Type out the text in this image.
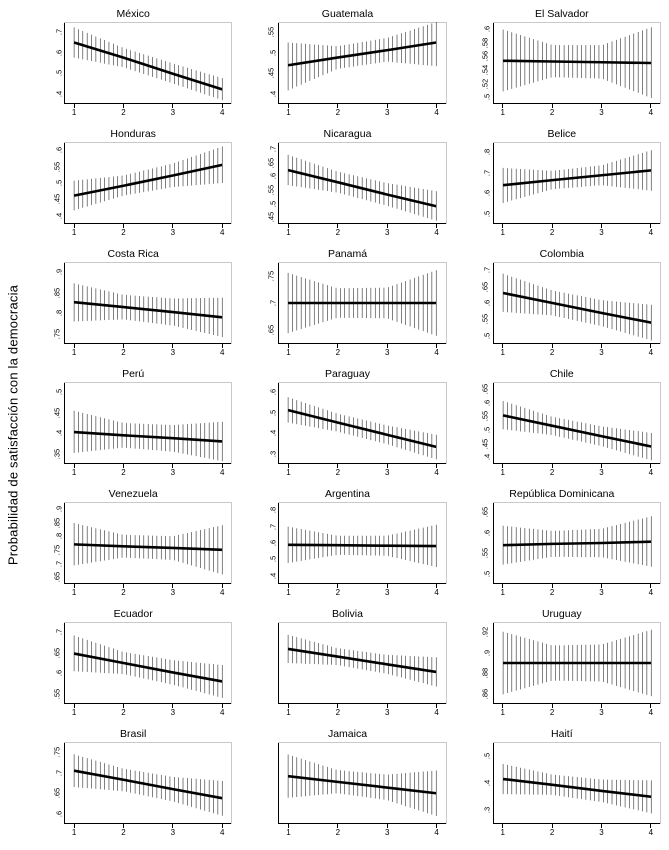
Probabilidad de satisfacción con la democracia
México
.4
.5
.6
.7
1	2	3	4
Guatemala
.4
.45
.5
.55
1	2	3	4
El Salvador
.5
.52
.54
.56
.58
.6
1	2	3	4
Honduras
.4
.45
.5
.55
.6
1	2	3	4
Nicaragua
.45
.5
.55
.6
.65
.7
1	2	3	4
Belice
.5
.6
.7
.8
1	2	3	4
Costa Rica
.75
.8
.85
.9
1	2	3	4
Panamá
.65
.7
.75
1	2	3	4
Colombia
.5
.55
.6
.65
.7
1	2	3	4
Perú
.35
.4
.45
.5
1	2	3	4
Paraguay
.3
.4
.5
.6
1	2	3	4
Chile
.4
.45
.5
.55
.6
.65
1	2	3	4
Venezuela
.65
.7
.75
.8
.85
.9
1	2	3	4
Argentina
.4
.5
.6
.7
.8
1	2	3	4
República Dominicana
.5
.55
.6
.65
1	2	3	4
Ecuador
.55
.6
.65
.7
1	2	3	4
Bolivia
1	2	3	4
Uruguay
.86
.88
.9
.92
1	2	3	4
Brasil
.6
.65
.7
.75
1	2	3	4
Jamaica
1	2	3	4
Haití
.3
.4
.5
1	2	3	4
